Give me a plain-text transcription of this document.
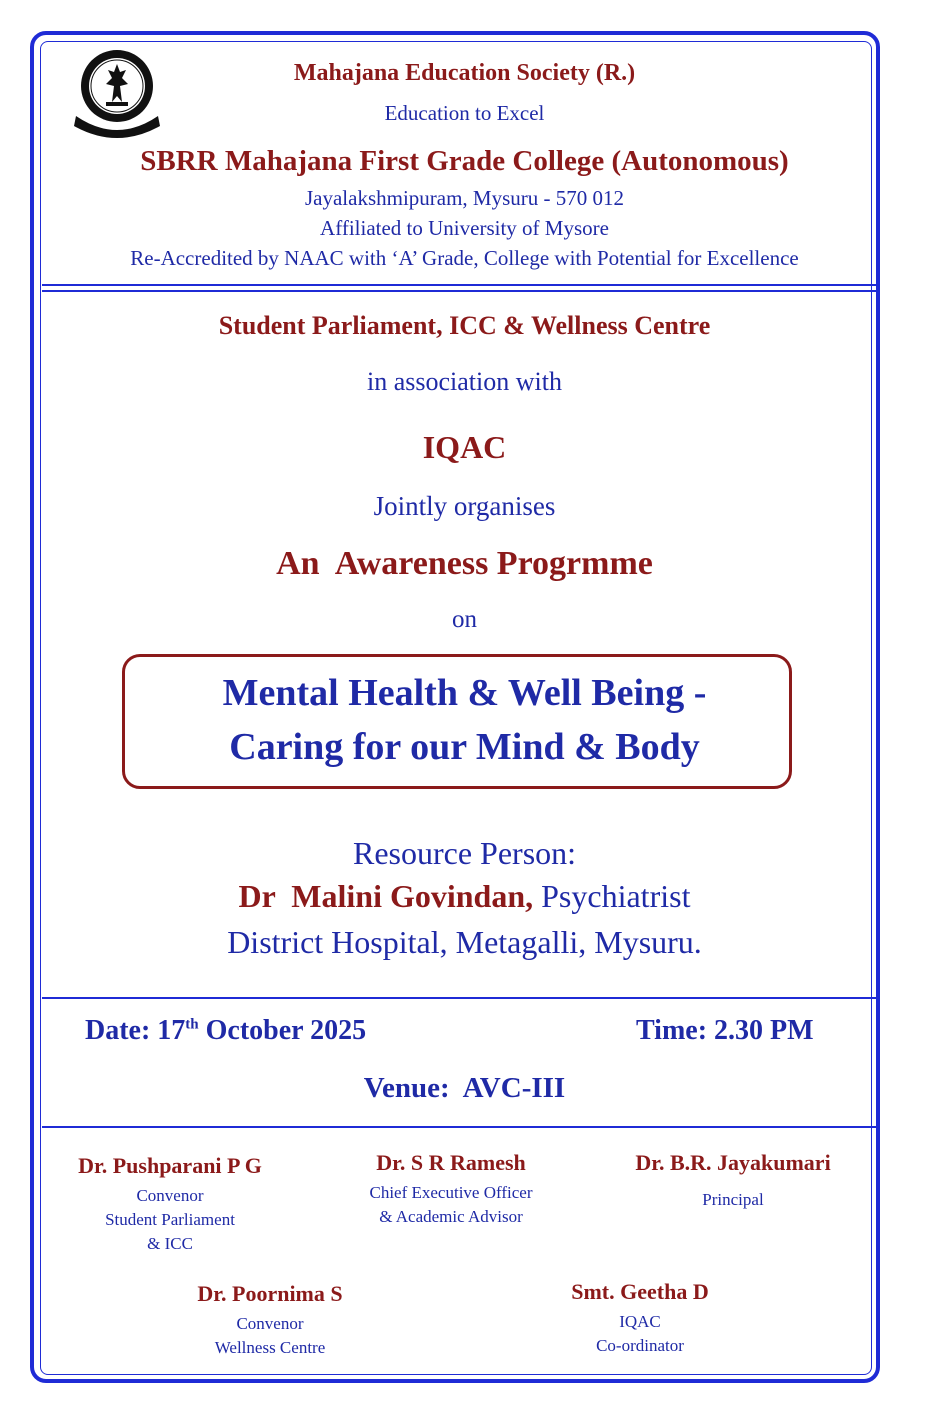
Mahajana Education Society (R.)
Education to Excel
SBRR Mahajana First Grade College (Autonomous)
Jayalakshmipuram, Mysuru - 570 012
Affiliated to University of Mysore
Re-Accredited by NAAC with ‘A’ Grade, College with Potential for Excellence
Student Parliament, ICC & Wellness Centre
in association with
IQAC
Jointly organises
An  Awareness Progrmme
on
Mental Health & Well Being -
Caring for our Mind & Body
Resource Person:
Dr  Malini Govindan, Psychiatrist
District Hospital, Metagalli, Mysuru.
Date: 17th October 2025	Time: 2.30 PM
Venue:  AVC-III
Dr. Pushparani P G
Convenor
Student Parliament
& ICC
Dr. S R Ramesh
Chief Executive Officer
& Academic Advisor
Dr. B.R. Jayakumari
Principal
Dr. Poornima S
Convenor
Wellness Centre
Smt. Geetha D
IQAC
Co-ordinator
